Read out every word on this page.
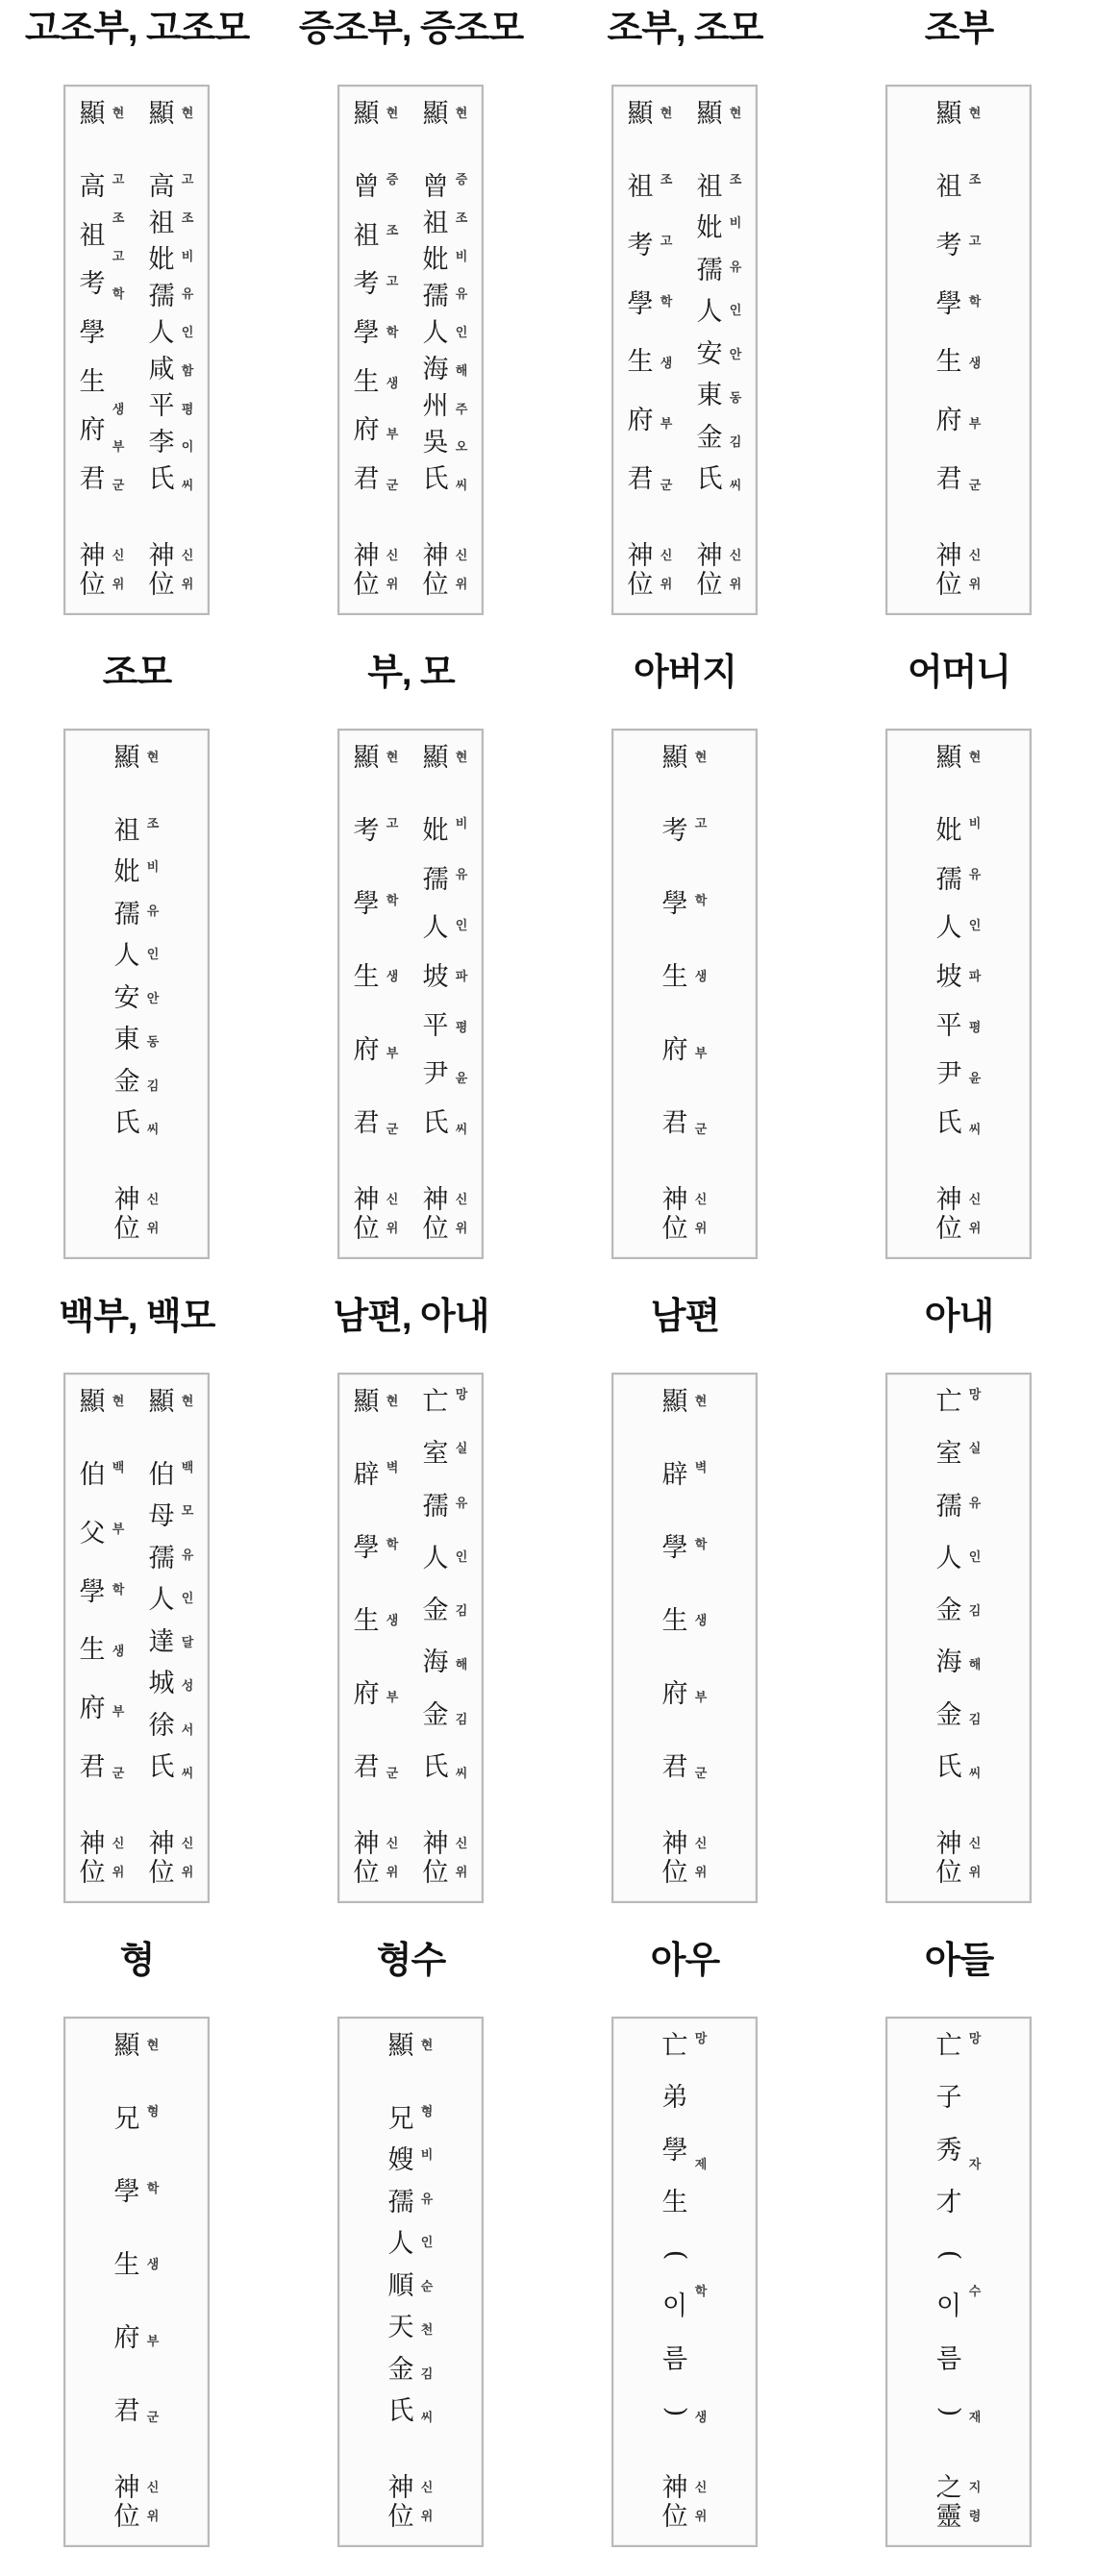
고조부, 고조모
顯
高
祖
考
學
生
府
君
神
位
현
고
조
고
학

생
부
군
신
위
顯
高
祖
妣
孺
人
咸
平
李
氏
神
位
현
고
조
비
유
인
함
평
이
씨
신
위
증조부, 증조모
顯
曾
祖
考
學
生
府
君
神
位
현
증
조
고
학
생
부
군
신
위
顯
曾
祖
妣
孺
人
海
州
吳
氏
神
位
현
증
조
비
유
인
해
주
오
씨
신
위
조부, 조모
顯
祖
考
學
生
府
君
神
位
현
조
고
학
생
부
군
신
위
顯
祖
妣
孺
人
安
東
金
氏
神
位
현
조
비
유
인
안
동
김
씨
신
위
조부
顯
祖
考
學
生
府
君
神
位
현
조
고
학
생
부
군
신
위
조모
顯
祖
妣
孺
人
安
東
金
氏
神
位
현
조
비
유
인
안
동
김
씨
신
위
부, 모
顯
考
學
生
府
君
神
位
현
고
학
생
부
군
신
위
顯
妣
孺
人
坡
平
尹
氏
神
位
현
비
유
인
파
평
윤
씨
신
위
아버지
顯
考
學
生
府
君
神
位
현
고
학
생
부
군
신
위
어머니
顯
妣
孺
人
坡
平
尹
氏
神
位
현
비
유
인
파
평
윤
씨
신
위
백부, 백모
顯
伯
父
學
生
府
君
神
位
현
백
부
학
생
부
군
신
위
顯
伯
母
孺
人
達
城
徐
氏
神
位
현
백
모
유
인
달
성
서
씨
신
위
남편, 아내
顯
辟
學
生
府
君
神
位
현
벽
학
생
부
군
신
위
亡
室
孺
人
金
海
金
氏
神
位
망
실
유
인
김
해
김
씨
신
위
남편
顯
辟
學
生
府
君
神
位
현
벽
학
생
부
군
신
위
아내
亡
室
孺
人
金
海
金
氏
神
位
망
실
유
인
김
해
김
씨
신
위
형
顯
兄
學
生
府
君
神
位
현
형
학
생
부
군
신
위
형수
顯
兄
嫂
孺
人
順
天
金
氏
神
位
현
형
비
유
인
순
천
김
씨
신
위
아우
亡
弟
學
生
(
이
름
)
神
位
망
제
학
생
신
위
아들
亡
子
秀
才
(
이
름
)
之
靈
망
자
수
재
지
령
